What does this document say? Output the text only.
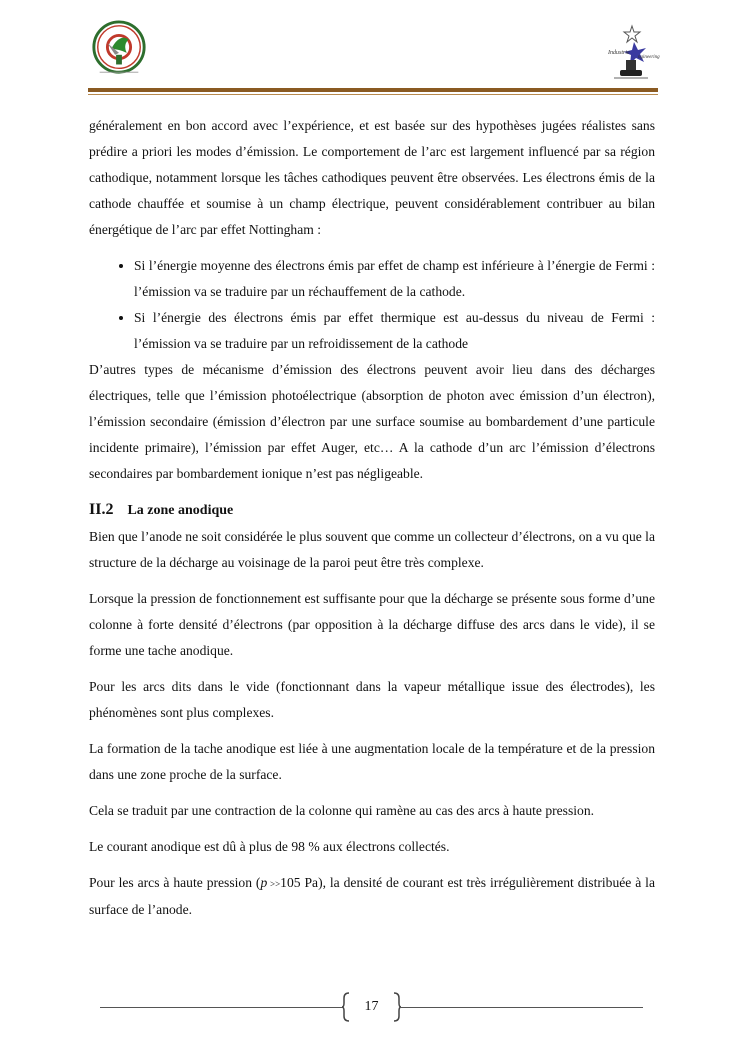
Industrie
ngineering

généralement en bon accord avec l’expérience, et est basée sur des hypothèses jugées réalistes sans prédire a priori les modes d’émission. Le comportement de l’arc est largement influencé par sa région cathodique, notamment lorsque les tâches cathodiques peuvent être observées. Les électrons émis de la cathode chauffée et soumise à un champ électrique, peuvent considérablement contribuer au bilan énergétique de l’arc par effet Nottingham :

• Si l’énergie moyenne des électrons émis par effet de champ est inférieure à l’énergie de Fermi : l’émission va se traduire par un réchauffement de la cathode.
• Si l’énergie des électrons émis par effet thermique est au-dessus du niveau de Fermi : l’émission va se traduire par un refroidissement de la cathode

D’autres types de mécanisme d’émission des électrons peuvent avoir lieu dans des décharges électriques, telle que l’émission photoélectrique (absorption de photon avec émission d’un électron), l’émission secondaire (émission d’électron par une surface soumise au bombardement d’une particule incidente primaire), l’émission par effet Auger, etc… A la cathode d’un arc l’émission d’électrons secondaires par bombardement ionique n’est pas négligeable.

II.2 La zone anodique

Bien que l’anode ne soit considérée le plus souvent que comme un collecteur d’électrons, on a vu que la structure de la décharge au voisinage de la paroi peut être très complexe.

Lorsque la pression de fonctionnement est suffisante pour que la décharge se présente sous forme d’une colonne à forte densité d’électrons (par opposition à la décharge diffuse des arcs dans le vide), il se forme une tache anodique.

Pour les arcs dits dans le vide (fonctionnant dans la vapeur métallique issue des électrodes), les phénomènes sont plus complexes.

La formation de la tache anodique est liée à une augmentation locale de la température et de la pression dans une zone proche de la surface.

Cela se traduit par une contraction de la colonne qui ramène au cas des arcs à haute pression.

Le courant anodique est dû à plus de 98 % aux électrons collectés.

Pour les arcs à haute pression (p >>105 Pa), la densité de courant est très irrégulièrement distribuée à la surface de l’anode.

17
